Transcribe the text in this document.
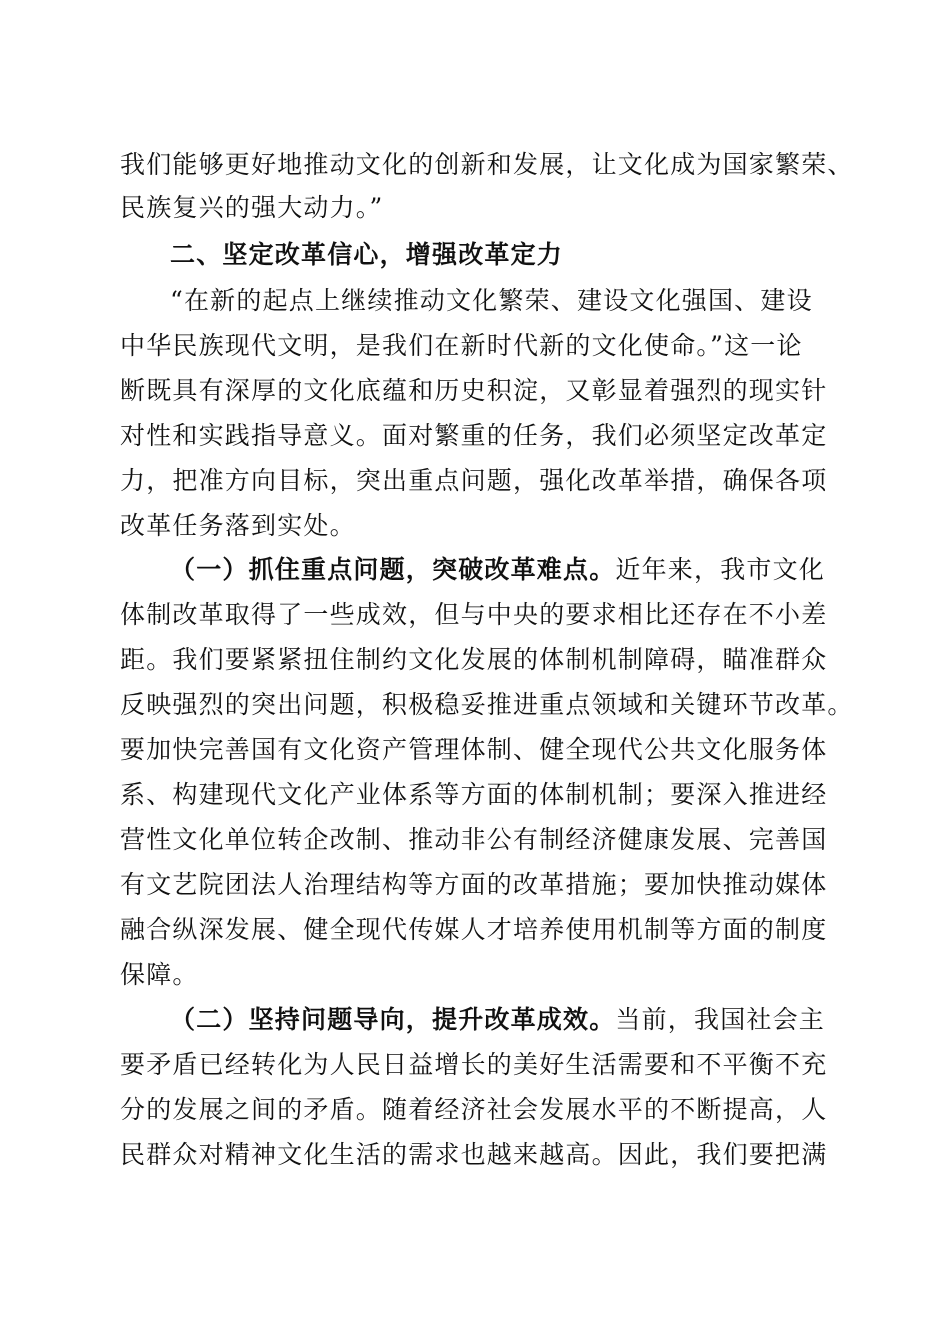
我们能够更好地推动文化的创新和发展，让文化成为国家繁荣、
民族复兴的强大动力。”
二、坚定改革信心，增强改革定力
“在新的起点上继续推动文化繁荣、建设文化强国、建设
中华民族现代文明，是我们在新时代新的文化使命。”这一论
断既具有深厚的文化底蕴和历史积淀，又彰显着强烈的现实针
对性和实践指导意义。面对繁重的任务，我们必须坚定改革定
力，把准方向目标，突出重点问题，强化改革举措，确保各项
改革任务落到实处。
（一）抓住重点问题，突破改革难点。近年来，我市文化
体制改革取得了一些成效，但与中央的要求相比还存在不小差
距。我们要紧紧扭住制约文化发展的体制机制障碍，瞄准群众
反映强烈的突出问题，积极稳妥推进重点领域和关键环节改革。
要加快完善国有文化资产管理体制、健全现代公共文化服务体
系、构建现代文化产业体系等方面的体制机制；要深入推进经
营性文化单位转企改制、推动非公有制经济健康发展、完善国
有文艺院团法人治理结构等方面的改革措施；要加快推动媒体
融合纵深发展、健全现代传媒人才培养使用机制等方面的制度
保障。
（二）坚持问题导向，提升改革成效。当前，我国社会主
要矛盾已经转化为人民日益增长的美好生活需要和不平衡不充
分的发展之间的矛盾。随着经济社会发展水平的不断提高，人
民群众对精神文化生活的需求也越来越高。因此，我们要把满
